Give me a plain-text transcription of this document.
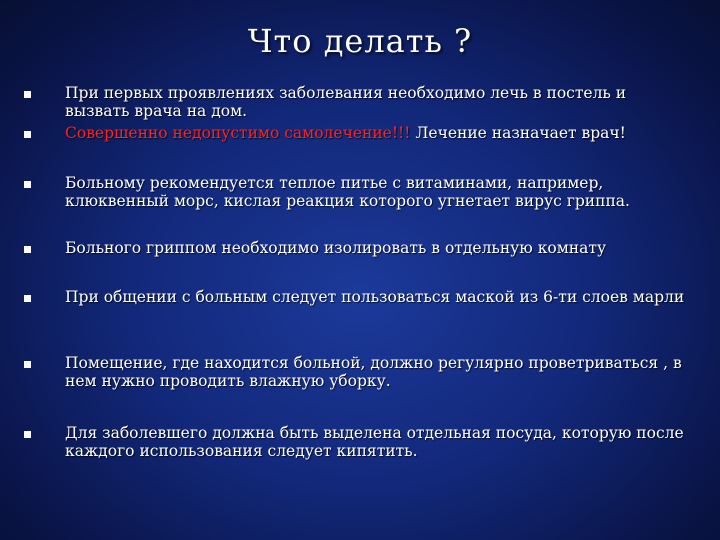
Что делать ?
При первых проявлениях заболевания необходимо лечь в постель и вызвать врача на дом.
Совершенно недопустимо самолечение!!! Лечение назначает врач!
Больному рекомендуется теплое питье с витаминами, например, клюквенный морс, кислая реакция которого угнетает вирус гриппа.
Больного гриппом необходимо изолировать в отдельную комнату
При общении с больным следует пользоваться маской из 6-ти слоев марли
Помещение, где находится больной, должно регулярно проветриваться , в нем нужно проводить влажную уборку.
Для заболевшего должна быть выделена отдельная посуда, которую после каждого использования следует кипятить.
